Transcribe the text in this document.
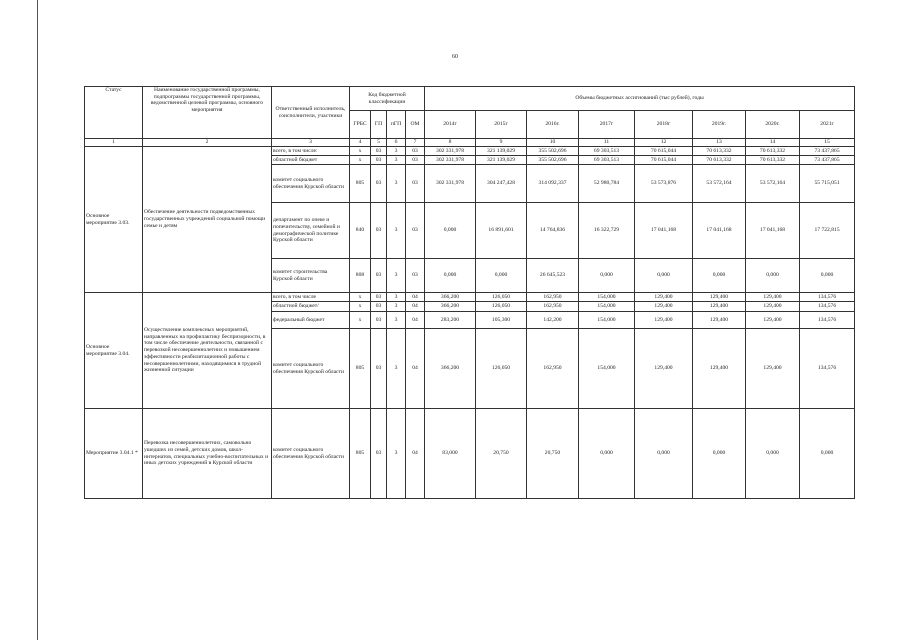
60
Статус	Наименование государственной программы, подпрограммы государственной программы, ведомственной целевой программы, основного мероприятия	Ответственный исполнитель, соисполнители, участники	Код бюджетной классификации				Объемы бюджетных ассигнований (тыс рублей), годы							
			ГРБС	ГП	пГП	ОМ	2014г	2015г	2016г.	2017г	2018г	2019г.	2020г.	2021г
1	2	3	4	5	6	7	8	9	10	11	12	13	14	15
Основное мероприятие 3.03.	Обеспечение деятельности подведомственных государственных учреждений социальной помощи семье и детям	всего, в том числе:	х	03	3	03	302 331,978	321 139,029	355 502,696	69 303,513	70 615,044	70 613,332	70 613,332	73 437,865
		областной бюджет	х	03	3	03	302 331,978	321 139,029	355 502,696	69 303,513	70 615,044	70 613,332	70 613,332	73 437,865
		комитет социального обеспечения Курской области	805	03	3	03	302 331,978	304 247,428	314 092,337	52 980,784	53 573,876	53 572,164	53 572,164	55 715,051
		департамент по опеке и попечительству, семейной и демографической политике Курской области	840	03	3	03	0,000	16 891,601	14 764,836	16 322,729	17 041,168	17 041,168	17 041,168	17 722,815
		комитет строительства Курской области	808	03	3	03	0,000	0,000	26 645,523	0,000	0,000	0,000	0,000	0,000
Основное мероприятие 3.04.	Осуществление комплексных мероприятий, направленных на профилактику беспризорности, в том числе обеспечение деятельности, связанной с перевозкой несовершеннолетних и повышением эффективности реабилитационной работы с несовершеннолетними, находящимися в трудной жизненной ситуации	всего, в том числе	х	03	3	04	366,200	126,050	162,950	154,000	129,400	129,400	129,400	134,576
		областной бюджет/	х	03	3	04	366,200	126,050	162,950	154,000	129,400	129,400	129,400	134,576
		федеральный бюджет	х	03	3	04	283,200	105,300	142,200	154,000	129,400	129,400	129,400	134,576
		комитет социального обеспечения Курской области	805	03	3	04	366,200	126,050	162,950	154,000	129,400	129,400	129,400	134,576
Мероприятие 3.04.1 *	Перевозка несовершеннолетних, самовольно ушедших из семей, детских домов, школ-интернатов, специальных учебно-воспитательных и иных детских учреждений в Курской области	комитет социального обеспечения Курской области	805	03	3	04	83,000	20,750	20,750	0,000	0,000	0,000	0,000	0,000
